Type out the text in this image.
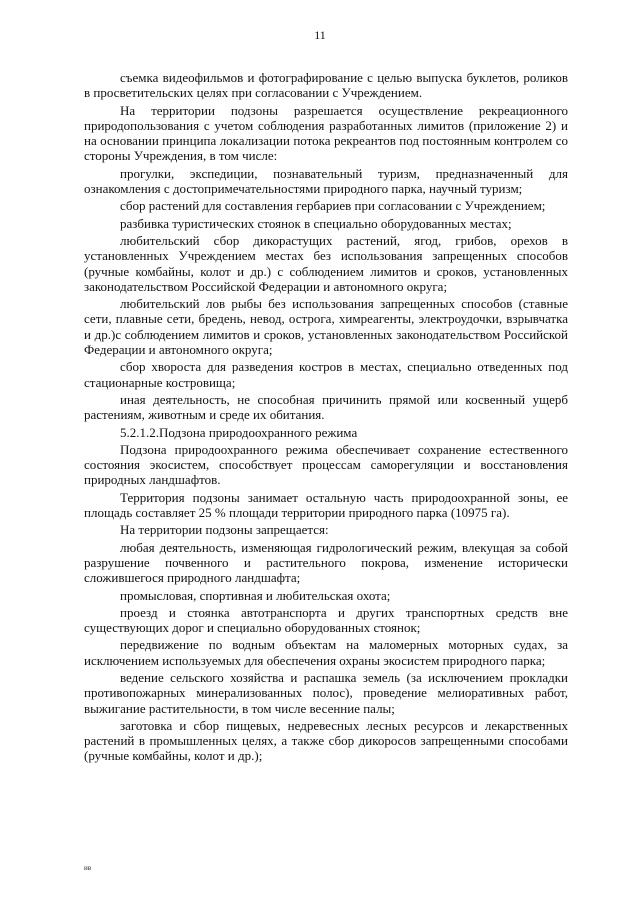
11

съемка видеофильмов и фотографирование с целью выпуска буклетов, роликов в просветительских целях при согласовании с Учреждением.

На территории подзоны разрешается осуществление рекреационного природопользования с учетом соблюдения разработанных лимитов (приложение 2) и на основании принципа локализации потока рекреантов под постоянным контролем со стороны Учреждения, в том числе:

прогулки, экспедиции, познавательный туризм, предназначенный для ознакомления с достопримечательностями природного парка, научный туризм;

сбор растений для составления гербариев при согласовании с Учреждением;

разбивка туристических стоянок в специально оборудованных местах;

любительский сбор дикорастущих растений, ягод, грибов, орехов в установленных Учреждением местах без использования запрещенных способов (ручные комбайны, колот и др.) с соблюдением лимитов и сроков, установленных законодательством Российской Федерации и автономного округа;

любительский лов рыбы без использования запрещенных способов (ставные сети, плавные сети, бредень, невод, острога, химреагенты, электроудочки, взрывчатка и др.)с соблюдением лимитов и сроков, установленных законодательством Российской Федерации и автономного округа;

сбор хвороста для разведения костров в местах, специально отведенных под стационарные костровища;

иная деятельность, не способная причинить прямой или косвенный ущерб растениям, животным и среде их обитания.

5.2.1.2.Подзона природоохранного режима

Подзона природоохранного режима обеспечивает сохранение естественного состояния экосистем, способствует процессам саморегуляции и восстановления природных ландшафтов.

Территория подзоны занимает остальную часть природоохранной зоны, ее площадь составляет 25 % площади территории природного парка (10975 га).

На территории подзоны запрещается:

любая деятельность, изменяющая гидрологический режим, влекущая за собой разрушение почвенного и растительного покрова, изменение исторически сложившегося природного ландшафта;

промысловая, спортивная и любительская охота;

проезд и стоянка автотранспорта и других транспортных средств вне существующих дорог и специально оборудованных стоянок;

передвижение по водным объектам на маломерных моторных судах, за исключением используемых для обеспечения охраны экосистем природного парка;

ведение сельского хозяйства и распашка земель (за исключением прокладки противопожарных минерализованных полос), проведение мелиоративных работ, выжигание растительности, в том числе весенние палы;

заготовка и сбор пищевых, недревесных лесных ресурсов и лекарственных растений в промышленных целях, а также сбор дикоросов запрещенными способами (ручные комбайны, колот и др.);

ив
